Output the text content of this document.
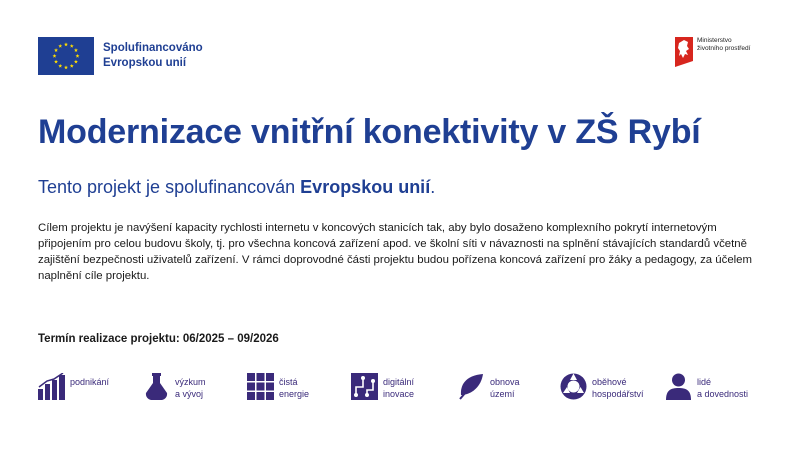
Spolufinancováno
Evropskou unií
Ministerstvo
životního prostředí
Modernizace vnitřní konektivity v ZŠ Rybí
Tento projekt je spolufinancován Evropskou unií.

Cílem projektu je navýšení kapacity rychlosti internetu v koncových stanicích tak, aby bylo dosaženo komplexního pokrytí internetovým připojením pro celou budovu školy, tj. pro všechna koncová zařízení apod. ve školní síti v návaznosti na splnění stávajících standardů včetně zajištění bezpečnosti uživatelů zařízení. V rámci doprovodné části projektu budou pořízena koncová zařízení pro žáky a pedagogy, za účelem naplnění cíle projektu.

Termín realizace projektu: 06/2025 – 09/2026
podnikání	výzkum
a vývoj
čistá
energie
digitální
inovace
obnova
území
oběhové
hospodářství
lidé
a dovednosti
